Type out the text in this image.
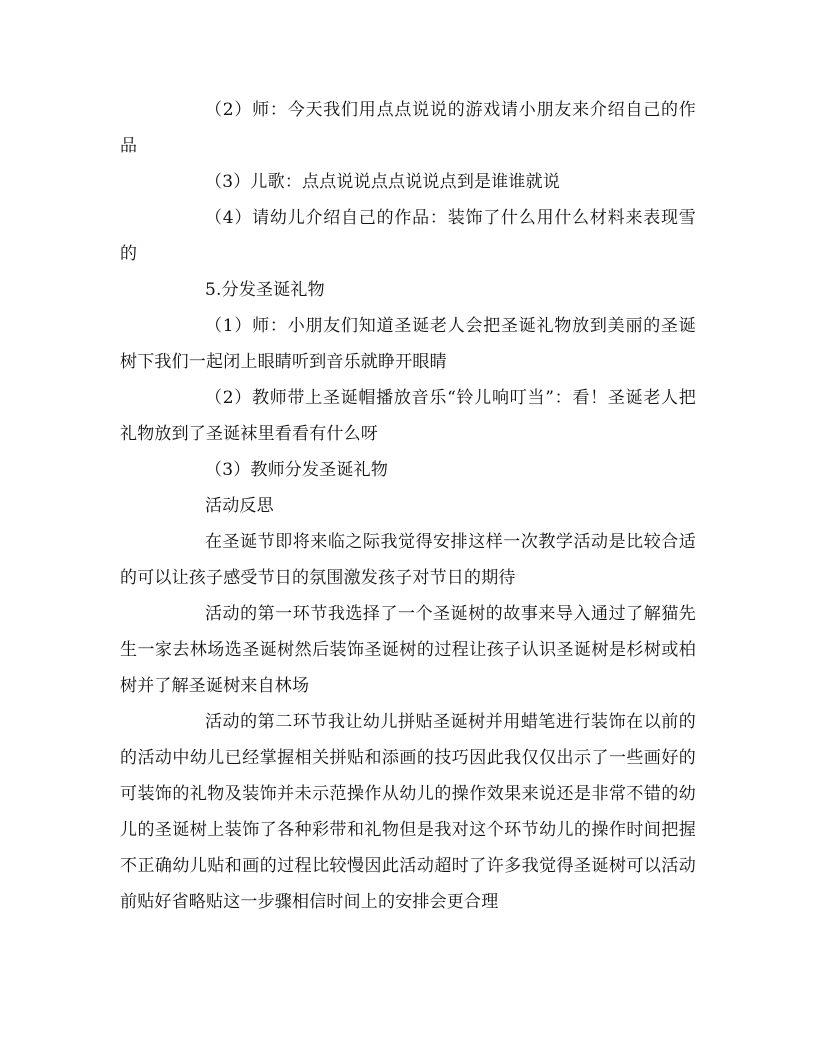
（2）师：今天我们用点点说说的游戏请小朋友来介绍自己的作品

（3）儿歌：点点说说点点说说点到是谁谁就说

（4）请幼儿介绍自己的作品：装饰了什么用什么材料来表现雪的

5.分发圣诞礼物

（1）师：小朋友们知道圣诞老人会把圣诞礼物放到美丽的圣诞树下我们一起闭上眼睛听到音乐就睁开眼睛

（2）教师带上圣诞帽播放音乐“铃儿响叮当”：看！圣诞老人把礼物放到了圣诞袜里看看有什么呀

（3）教师分发圣诞礼物

活动反思

在圣诞节即将来临之际我觉得安排这样一次教学活动是比较合适的可以让孩子感受节日的氛围激发孩子对节日的期待

活动的第一环节我选择了一个圣诞树的故事来导入通过了解猫先生一家去林场选圣诞树然后装饰圣诞树的过程让孩子认识圣诞树是杉树或柏树并了解圣诞树来自林场

活动的第二环节我让幼儿拼贴圣诞树并用蜡笔进行装饰在以前的的活动中幼儿已经掌握相关拼贴和添画的技巧因此我仅仅出示了一些画好的可装饰的礼物及装饰并未示范操作从幼儿的操作效果来说还是非常不错的幼儿的圣诞树上装饰了各种彩带和礼物但是我对这个环节幼儿的操作时间把握不正确幼儿贴和画的过程比较慢因此活动超时了许多我觉得圣诞树可以活动前贴好省略贴这一步骤相信时间上的安排会更合理
